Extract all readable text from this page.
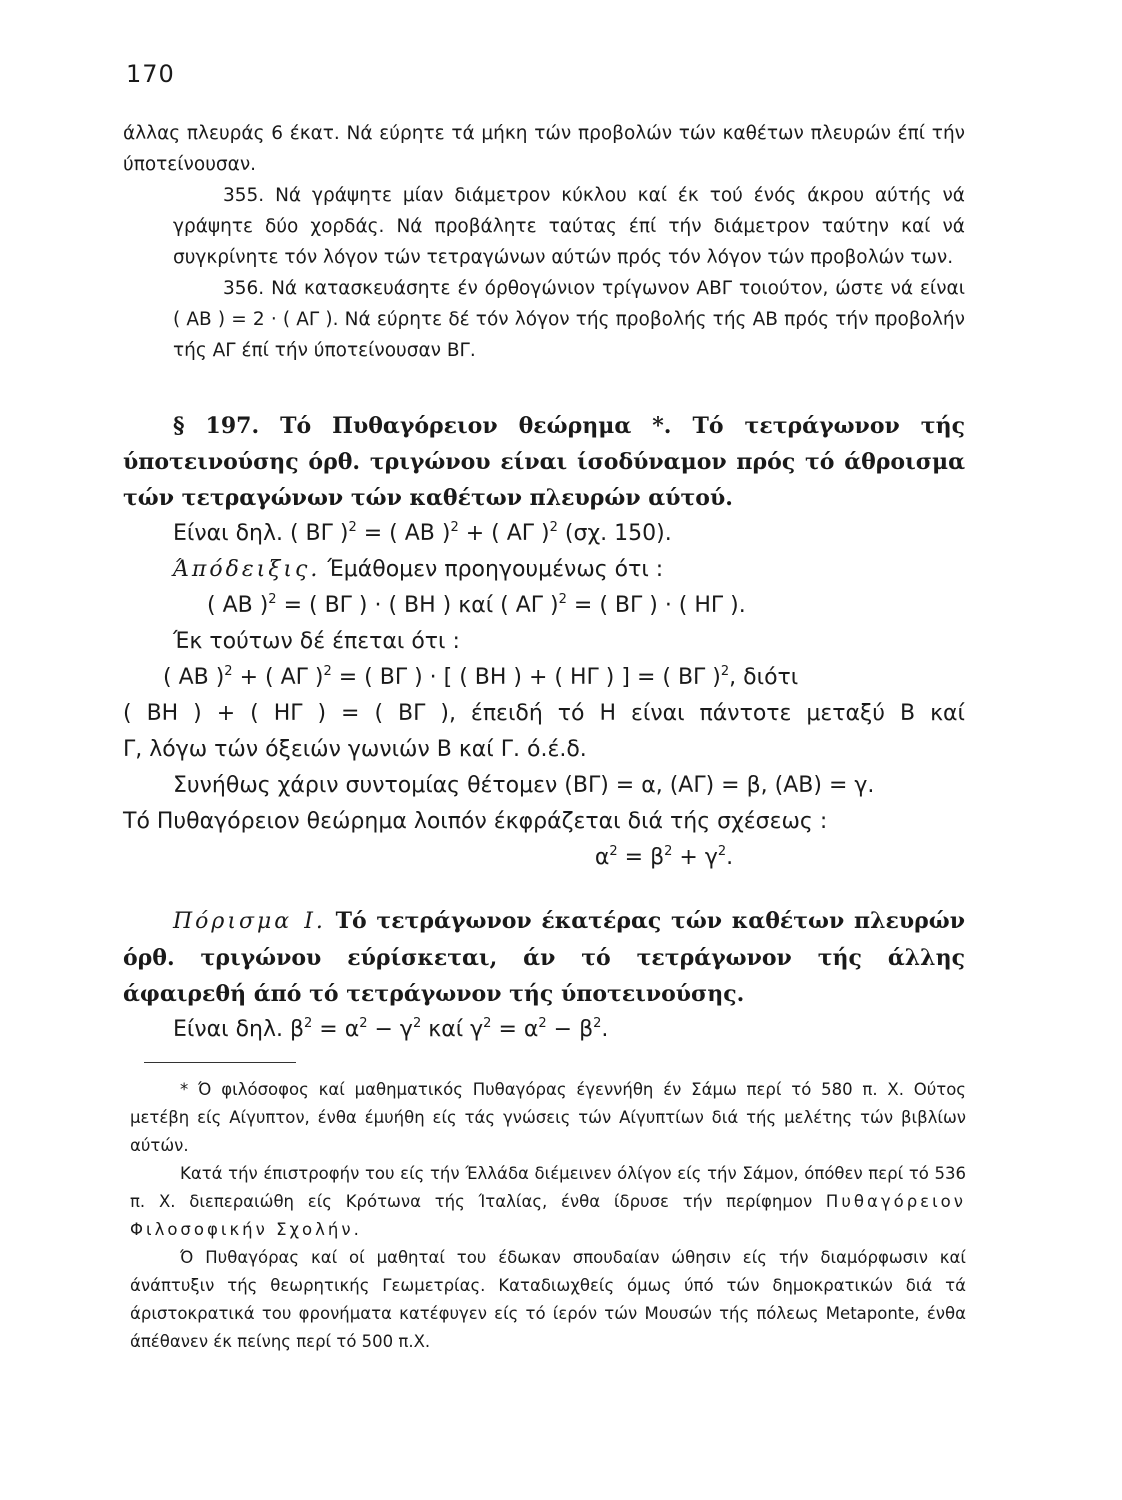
170

άλλας πλευράς 6 έκατ. Νά εύρητε τά μήκη τών προβολών τών καθέτων πλευρών έπί τήν ύποτείνουσαν.

355. Νά γράψητε μίαν διάμετρον κύκλου καί έκ τού ένός άκρου αύτής νά γράψητε δύο χορδάς. Νά προβάλητε ταύτας έπί τήν διάμετρον ταύτην καί νά συγκρίνητε τόν λόγον τών τετραγώνων αύτών πρός τόν λόγον τών προβολών των.

356. Νά κατασκευάσητε έν όρθογώνιον τρίγωνον ΑΒΓ τοιούτον, ώστε νά είναι ( ΑΒ ) = 2 · ( ΑΓ ). Νά εύρητε δέ τόν λόγον τής προβολής τής ΑΒ πρός τήν προβολήν τής ΑΓ έπί τήν ύποτείνουσαν ΒΓ.

§ 197. Τό Πυθαγόρειον θεώρημα *. Τό τετράγωνον τής ύποτεινούσης όρθ. τριγώνου είναι ίσοδύναμον πρός τό άθροισμα τών τετραγώνων τών καθέτων πλευρών αύτού.

Είναι δηλ. ( ΒΓ )$^2$ = ( ΑΒ )$^2$ + ( ΑΓ )$^2$ (σχ. 150).

Άπόδειξις. Έμάθομεν προηγουμένως ότι :

( ΑΒ )$^2$ = ( ΒΓ ) · ( ΒΗ ) καί ( ΑΓ )$^2$ = ( ΒΓ ) · ( ΗΓ ).

Έκ τούτων δέ έπεται ότι :

( ΑΒ )$^2$ + ( ΑΓ )$^2$ = ( ΒΓ ) · [ ( ΒΗ ) + ( ΗΓ ) ] = ( ΒΓ )$^2$, διότι

( ΒΗ ) + ( ΗΓ ) = ( ΒΓ ), έπειδή τό Η είναι πάντοτε μεταξύ Β καί

Γ, λόγω τών όξειών γωνιών Β καί Γ. ό.έ.δ.

Συνήθως χάριν συντομίας θέτομεν (ΒΓ) = α, (ΑΓ) = β, (ΑΒ) = γ.

Τό Πυθαγόρειον θεώρημα λοιπόν έκφράζεται διά τής σχέσεως :

$\alpha^2 = \beta^2 + \gamma^2$.

Πόρισμα Ι. Τό τετράγωνον έκατέρας τών καθέτων πλευρών όρθ. τριγώνου εύρίσκεται, άν τό τετράγωνον τής άλλης άφαιρεθή άπό τό τετράγωνον τής ύποτεινούσης.

Είναι δηλ. $\beta^2 = \alpha^2 - \gamma^2$ καί $\gamma^2 = \alpha^2 - \beta^2$.

* Ό φιλόσοφος καί μαθηματικός Πυθαγόρας έγεννήθη έν Σάμω περί τό 580 π. Χ. Ούτος μετέβη είς Αίγυπτον, ένθα έμυήθη είς τάς γνώσεις τών Αίγυπτίων διά τής μελέτης τών βιβλίων αύτών.

Κατά τήν έπιστροφήν του είς τήν Έλλάδα διέμεινεν όλίγον είς τήν Σάμον, όπόθεν περί τό 536 π. Χ. διεπεραιώθη είς Κρότωνα τής Ίταλίας, ένθα ίδρυσε τήν περίφημον Πυθαγόρειον Φιλοσοφικήν Σχολήν.

Ό Πυθαγόρας καί οί μαθηταί του έδωκαν σπουδαίαν ώθησιν είς τήν διαμόρφωσιν καί άνάπτυξιν τής θεωρητικής Γεωμετρίας. Καταδιωχθείς όμως ύπό τών δημοκρατικών διά τά άριστοκρατικά του φρονήματα κατέφυγεν είς τό ίερόν τών Μουσών τής πόλεως Metaponte, ένθα άπέθανεν έκ πείνης περί τό 500 π.Χ.
